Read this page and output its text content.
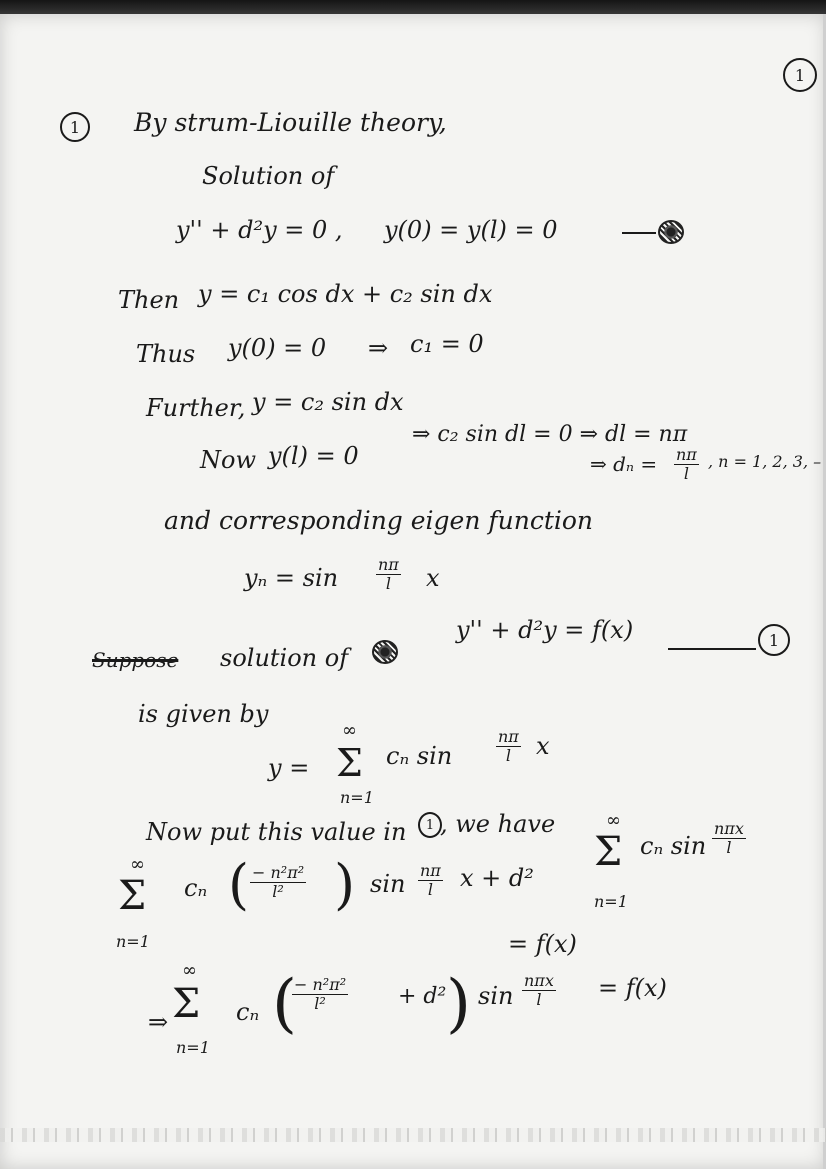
1
1 By strum-Liouille theory,
Solution of
y'' + d²y = 0 , y(0) = y(l) = 0
Then y = c₁ cos dx + c₂ sin dx
Thus y(0) = 0 ⇒ c₁ = 0
Further, y = c₂ sin dx
Now y(l) = 0
⇒ c₂ sin dl = 0 ⇒ dl = nπ
⇒ $d_n = \frac{n\pi}{l}$ , n = 1, 2, 3, –
and corresponding eigen function
$y_n = \sin \frac{n\pi}{l}$ x
Suppose solution of
y'' + d²y = f(x)	1
is given by
y =
∞
Σ
n=1
cₙ sin	$\frac{n\pi}{l}$ x
Now put this value in 1 , we have
∞
Σ
n=1
cₙ ( $\frac{\text{− n²π²}}{\text{l²}}$ ) $\sin \frac{n\pi}{l}$ x + d²
∞
Σ
n=1
cₙ sin
nπx
l
= f(x)
⇒
∞
Σ
n=1
cₙ (
$\frac{\text{− n²π²}}{\text{l²}} + d^2$ ) sin
nπx
l = f(x)
